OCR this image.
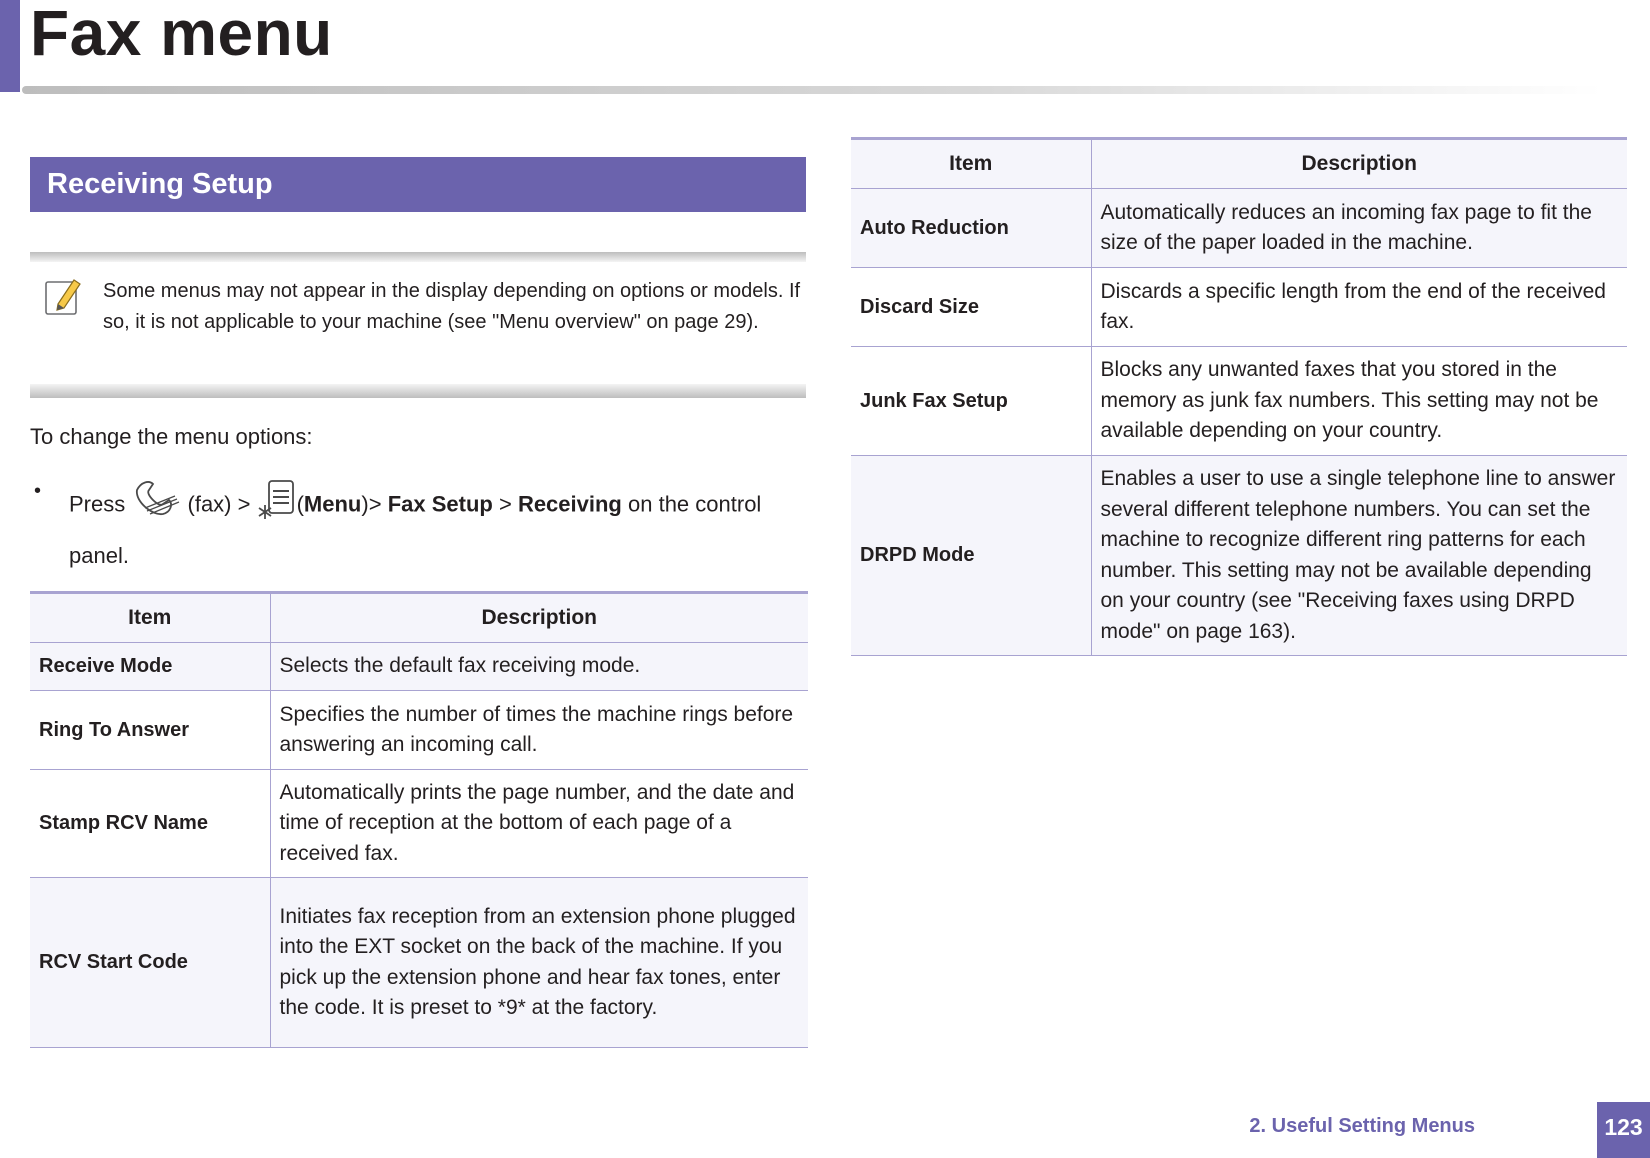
Fax menu
Receiving Setup
Some menus may not appear in the display depending on options or models. If so, it is not applicable to your machine (see "Menu overview" on page 29).
To change the menu options:
•
Press	(fax) > (Menu)> Fax Setup > Receiving on the control panel.
Item	Description
Receive Mode	Selects the default fax receiving mode.
Ring To Answer	Specifies the number of times the machine rings before answering an incoming call.
Stamp RCV Name	Automatically prints the page number, and the date and time of reception at the bottom of each page of a received fax.
RCV Start Code	Initiates fax reception from an extension phone plugged into the EXT socket on the back of the machine. If you pick up the extension phone and hear fax tones, enter the code. It is preset to *9* at the factory.
Item	Description
Auto Reduction	Automatically reduces an incoming fax page to fit the size of the paper loaded in the machine.
Discard Size	Discards a specific length from the end of the received fax.
Junk Fax Setup	Blocks any unwanted faxes that you stored in the memory as junk fax numbers. This setting may not be available depending on your country.
DRPD Mode	Enables a user to use a single telephone line to answer several different telephone numbers. You can set the machine to recognize different ring patterns for each number. This setting may not be available depending on your country (see "Receiving faxes using DRPD mode" on page 163).
2. Useful Setting Menus	123
